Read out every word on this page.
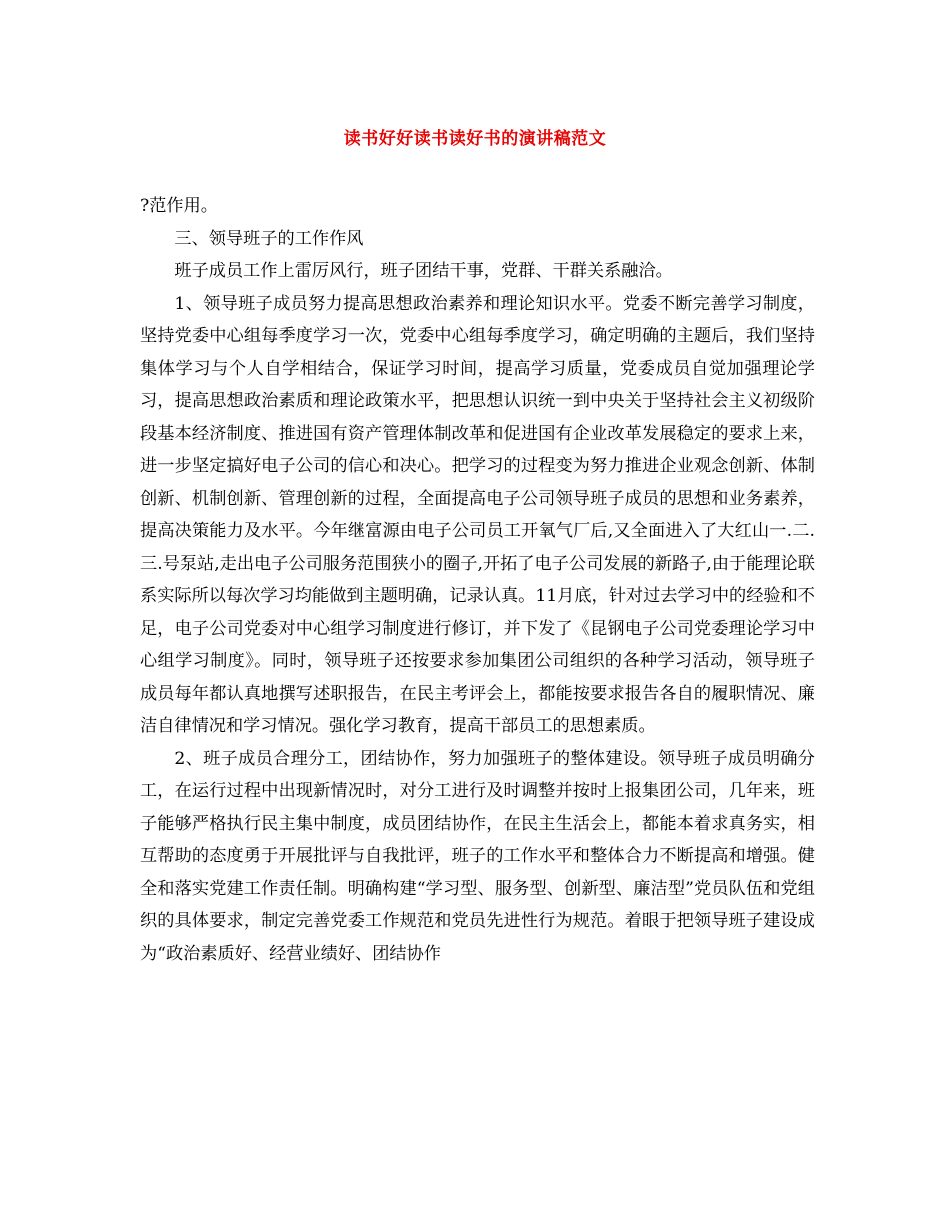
读书好好读书读好书的演讲稿范文

?范作用。

三、领导班子的工作作风

班子成员工作上雷厉风行，班子团结干事，党群、干群关系融洽。

1、领导班子成员努力提高思想政治素养和理论知识水平。党委不断完善学习制度，坚持党委中心组每季度学习一次，党委中心组每季度学习，确定明确的主题后，我们坚持集体学习与个人自学相结合，保证学习时间，提高学习质量，党委成员自觉加强理论学习，提高思想政治素质和理论政策水平，把思想认识统一到中央关于坚持社会主义初级阶段基本经济制度、推进国有资产管理体制改革和促进国有企业改革发展稳定的要求上来，进一步坚定搞好电子公司的信心和决心。把学习的过程变为努力推进企业观念创新、体制创新、机制创新、管理创新的过程，全面提高电子公司领导班子成员的思想和业务素养，提高决策能力及水平。今年继富源由电子公司员工开氧气厂后,又全面进入了大红山一.二.三.号泵站,走出电子公司服务范围狭小的圈子,开拓了电子公司发展的新路子,由于能理论联系实际所以每次学习均能做到主题明确，记录认真。11月底，针对过去学习中的经验和不足，电子公司党委对中心组学习制度进行修订，并下发了《昆钢电子公司党委理论学习中心组学习制度》。同时，领导班子还按要求参加集团公司组织的各种学习活动，领导班子成员每年都认真地撰写述职报告，在民主考评会上，都能按要求报告各自的履职情况、廉洁自律情况和学习情况。强化学习教育，提高干部员工的思想素质。

2、班子成员合理分工，团结协作，努力加强班子的整体建设。领导班子成员明确分工，在运行过程中出现新情况时，对分工进行及时调整并按时上报集团公司，几年来，班子能够严格执行民主集中制度，成员团结协作，在民主生活会上，都能本着求真务实，相互帮助的态度勇于开展批评与自我批评，班子的工作水平和整体合力不断提高和增强。健全和落实党建工作责任制。明确构建“学习型、服务型、创新型、廉洁型”党员队伍和党组织的具体要求，制定完善党委工作规范和党员先进性行为规范。着眼于把领导班子建设成为“政治素质好、经营业绩好、团结协作
